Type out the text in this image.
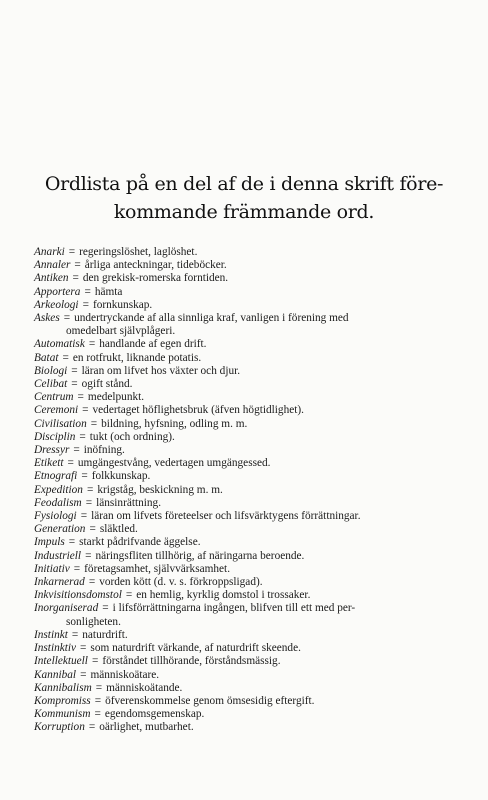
Ordlista på en del af de i denna skrift före-
kommande främmande ord.
Anarki = regeringslöshet, laglöshet.
Annaler = årliga anteckningar, tideböcker.
Antiken = den grekisk-romerska forntiden.
Apportera = hämta
Arkeologi = fornkunskap.
Askes = undertryckande af alla sinnliga kraf, vanligen i förening med
omedelbart självplågeri.
Automatisk = handlande af egen drift.
Batat = en rotfrukt, liknande potatis.
Biologi = läran om lifvet hos växter och djur.
Celibat = ogift stånd.
Centrum = medelpunkt.
Ceremoni = vedertaget höflighetsbruk (äfven högtidlighet).
Civilisation = bildning, hyfsning, odling m. m.
Disciplin = tukt (och ordning).
Dressyr = inöfning.
Etikett = umgängestvång, vedertagen umgängessed.
Etnografi = folkkunskap.
Expedition = krigståg, beskickning m. m.
Feodalism = länsinrättning.
Fysiologi = läran om lifvets företeelser och lifsvärktygens förrättningar.
Generation = släktled.
Impuls = starkt pådrifvande äggelse.
Industriell = näringsfliten tillhörig, af näringarna beroende.
Initiativ = företagsamhet, självvärksamhet.
Inkarnerad = vorden kött (d. v. s. förkroppsligad).
Inkvisitionsdomstol = en hemlig, kyrklig domstol i trossaker.
Inorganiserad = i lifsförrättningarna ingången, blifven till ett med per-
sonligheten.
Instinkt = naturdrift.
Instinktiv = som naturdrift värkande, af naturdrift skeende.
Intellektuell = förståndet tillhörande, förståndsmässig.
Kannibal = människoätare.
Kannibalism = människoätande.
Kompromiss = öfverenskommelse genom ömsesidig eftergift.
Kommunism = egendomsgemenskap.
Korruption = oärlighet, mutbarhet.
